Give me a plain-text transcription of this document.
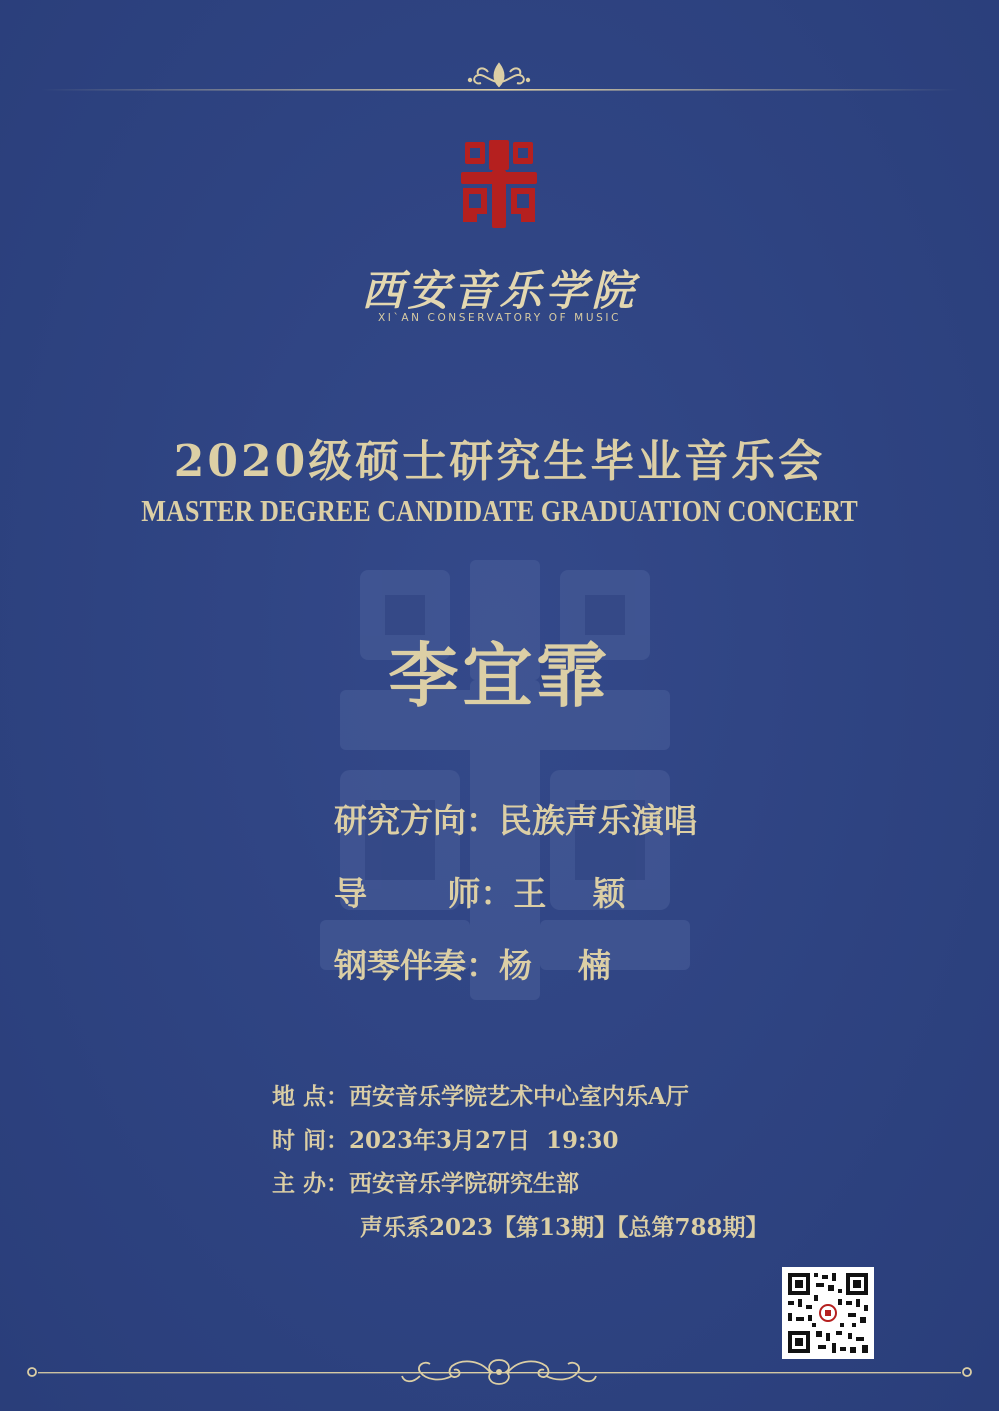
西安音乐学院
XI`AN CONSERVATORY OF MUSIC
2020级硕士研究生毕业音乐会
MASTER DEGREE CANDIDATE GRADUATION CONCERT
李宜霏
研究方向：民族声乐演唱
导       师：王    颖
钢琴伴奏：杨    楠
地 点：西安音乐学院艺术中心室内乐A厅
时 间：2023年3月27日  19:30
主 办：西安音乐学院研究生部
声乐系2023【第13期】【总第788期】
